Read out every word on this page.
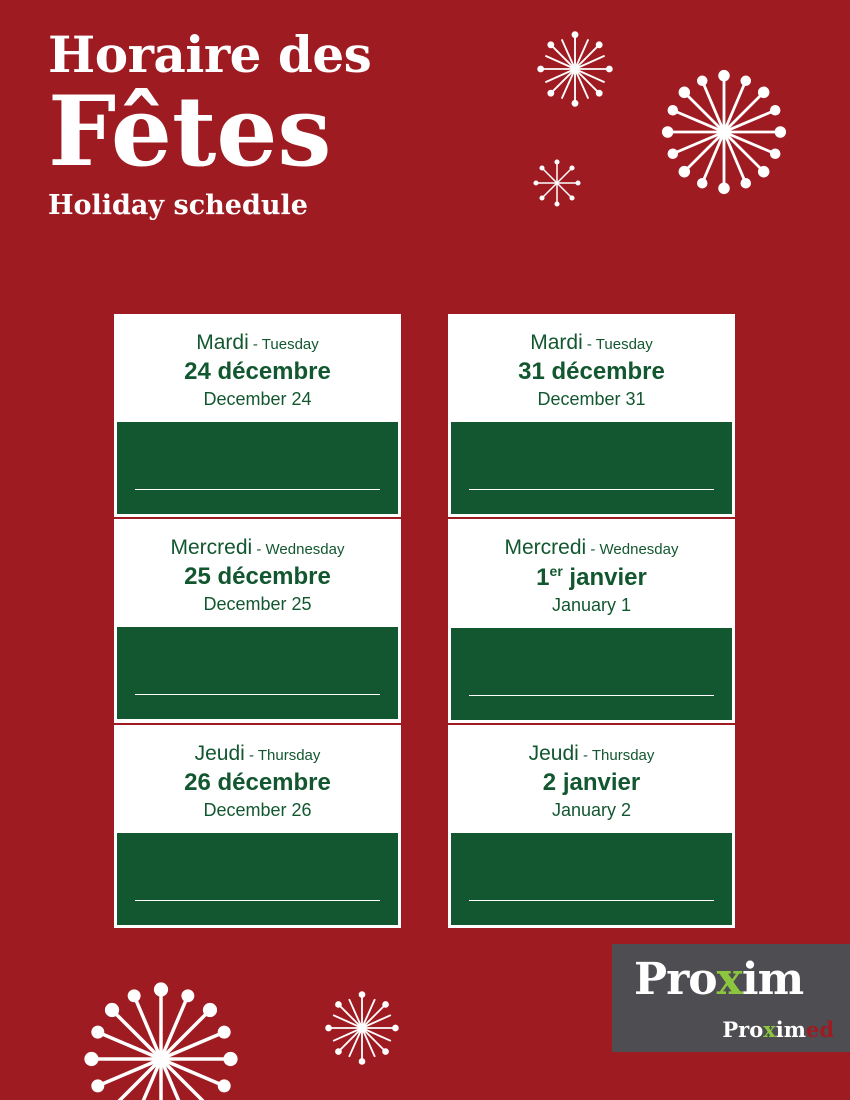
Horaire des
Fêtes
Holiday schedule
Mardi - Tuesday
24 décembre
December 24
Mardi - Tuesday
31 décembre
December 31
Mercredi - Wednesday
25 décembre
December 25
Mercredi - Wednesday
1er janvier
January 1
Jeudi - Thursday
26 décembre
December 26
Jeudi - Thursday
2 janvier
January 2
Proxim
Proximed
